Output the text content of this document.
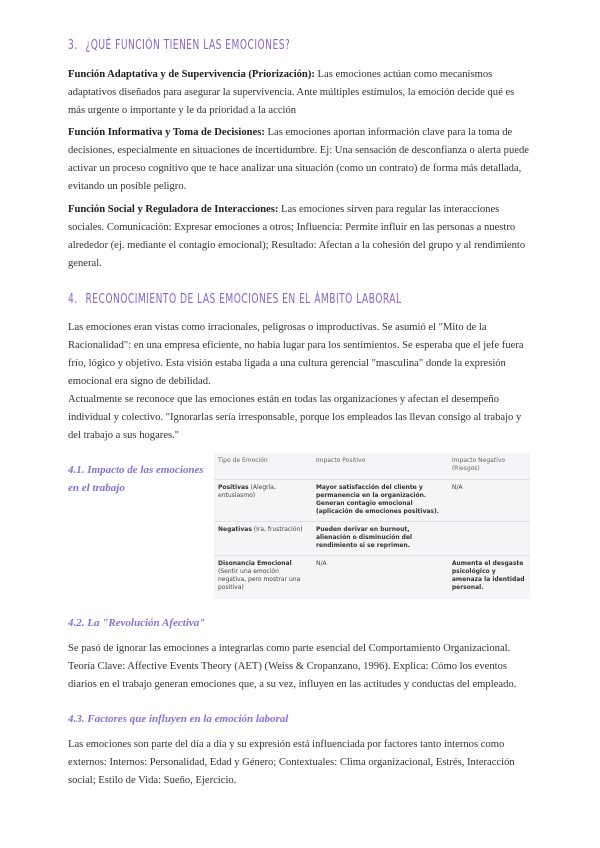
3. ¿QUÉ FUNCIÓN TIENEN LAS EMOCIONES?
Función Adaptativa y de Supervivencia (Priorización): Las emociones actúan como mecanismos adaptativos diseñados para asegurar la supervivencia. Ante múltiples estímulos, la emoción decide qué es más urgente o importante y le da prioridad a la acción
Función Informativa y Toma de Decisiones: Las emociones aportan información clave para la toma de decisiones, especialmente en situaciones de incertidumbre. Ej: Una sensación de desconfianza o alerta puede activar un proceso cognitivo que te hace analizar una situación (como un contrato) de forma más detallada, evitando un posible peligro.
Función Social y Reguladora de Interacciones: Las emociones sirven para regular las interacciones sociales. Comunicación: Expresar emociones a otros; Influencia: Permite influir en las personas a nuestro alrededor (ej. mediante el contagio emocional); Resultado: Afectan a la cohesión del grupo y al rendimiento general.
4. RECONOCIMIENTO DE LAS EMOCIONES EN EL ÁMBITO LABORAL
Las emociones eran vistas como irracionales, peligrosas o improductivas. Se asumió el "Mito de la Racionalidad": en una empresa eficiente, no había lugar para los sentimientos. Se esperaba que el jefe fuera frío, lógico y objetivo. Esta visión estaba ligada a una cultura gerencial "masculina" donde la expresión emocional era signo de debilidad.
Actualmente se reconoce que las emociones están en todas las organizaciones y afectan el desempeño individual y colectivo. "Ignorarlas sería irresponsable, porque los empleados las llevan consigo al trabajo y del trabajo a sus hogares."
4.1. Impacto de las emociones en el trabajo
Tipo de Emoción	Impacto Positivo	Impacto Negativo (Riesgos)
Positivas (Alegría, entusiasmo)	Mayor satisfacción del cliente y permanencia en la organización. Generan contagio emocional (aplicación de emociones positivas).	N/A
Negativas (Ira, frustración)	Pueden derivar en burnout, alienación o disminución del rendimiento si se reprimen.	
Disonancia Emocional (Sentir una emoción negativa, pero mostrar una positiva)	N/A	Aumenta el desgaste psicológico y amenaza la identidad personal.
4.2. La "Revolución Afectiva"
Se pasó de ignorar las emociones a integrarlas como parte esencial del Comportamiento Organizacional. Teoría Clave: Affective Events Theory (AET) (Weiss & Cropanzano, 1996). Explica: Cómo los eventos diarios en el trabajo generan emociones que, a su vez, influyen en las actitudes y conductas del empleado.
4.3. Factores que influyen en la emoción laboral
Las emociones son parte del día a día y su expresión está influenciada por factores tanto internos como externos: Internos: Personalidad, Edad y Género; Contextuales: Clima organizacional, Estrés, Interacción social; Estilo de Vida: Sueño, Ejercicio.
